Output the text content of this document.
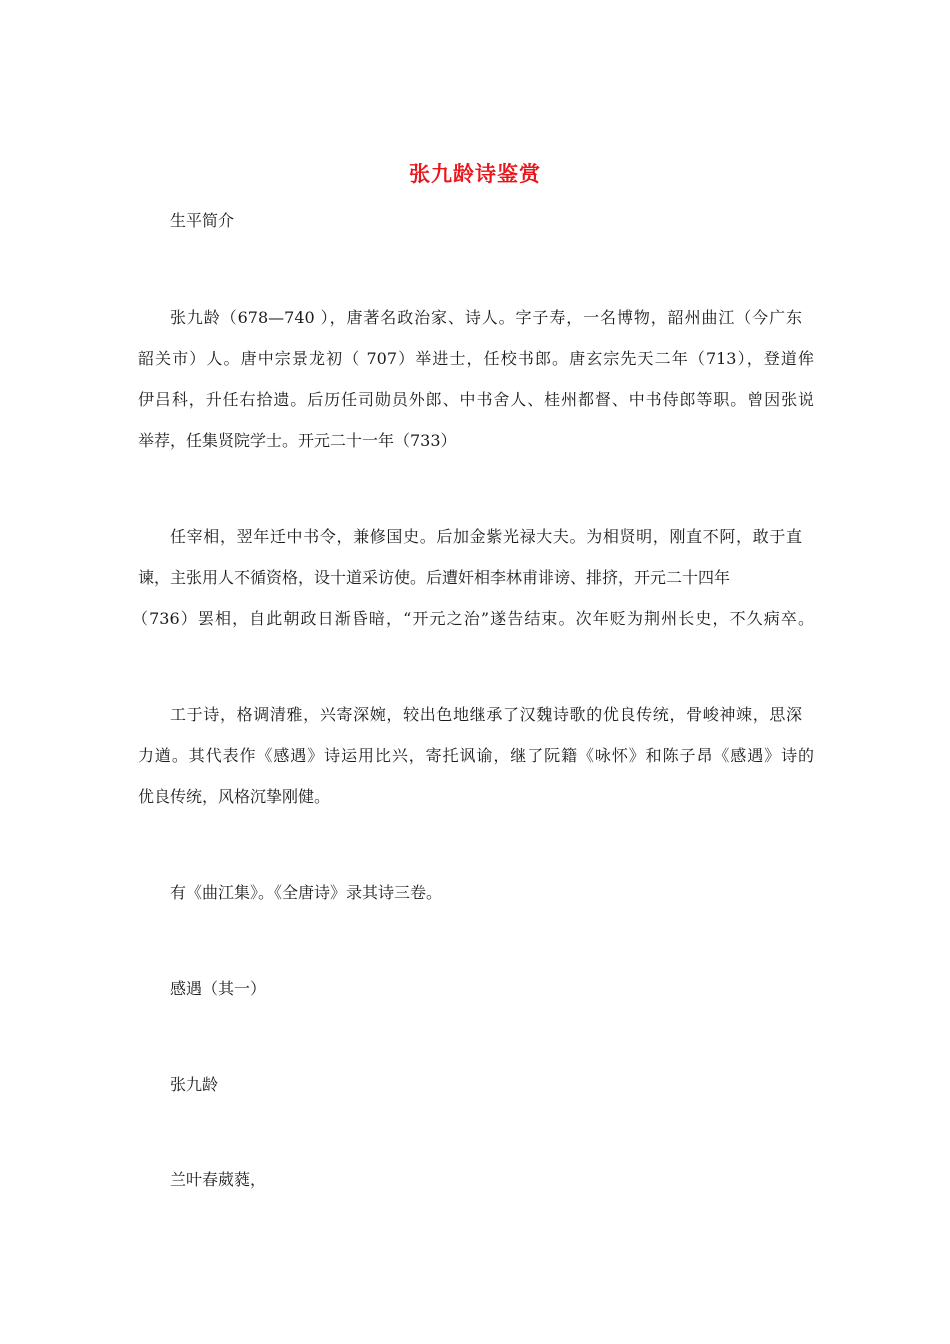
张九龄诗鉴赏
生平简介
张九龄（678—740 ），唐著名政治家、诗人。字子寿，一名博物，韶州曲江（今广东
韶关市）人。唐中宗景龙初（ 707）举进士，任校书郎。唐玄宗先天二年（713），登道侔
伊吕科，升任右拾遗。后历任司勋员外郎、中书舍人、桂州都督、中书侍郎等职。曾因张说
举荐，任集贤院学士。开元二十一年（733）
任宰相，翌年迁中书令，兼修国史。后加金紫光禄大夫。为相贤明，刚直不阿，敢于直
谏，主张用人不循资格，设十道采访使。后遭奸相李林甫诽谤、排挤，开元二十四年
（736）罢相，自此朝政日渐昏暗，“开元之治”遂告结束。次年贬为荆州长史，不久病卒。
工于诗，格调清雅，兴寄深婉，较出色地继承了汉魏诗歌的优良传统，骨峻神竦，思深
力遒。其代表作《感遇》诗运用比兴，寄托讽谕，继了阮籍《咏怀》和陈子昂《感遇》诗的
优良传统，风格沉挚刚健。
有《曲江集》。《全唐诗》录其诗三卷。
感遇（其一）
张九龄
兰叶春葳蕤，
